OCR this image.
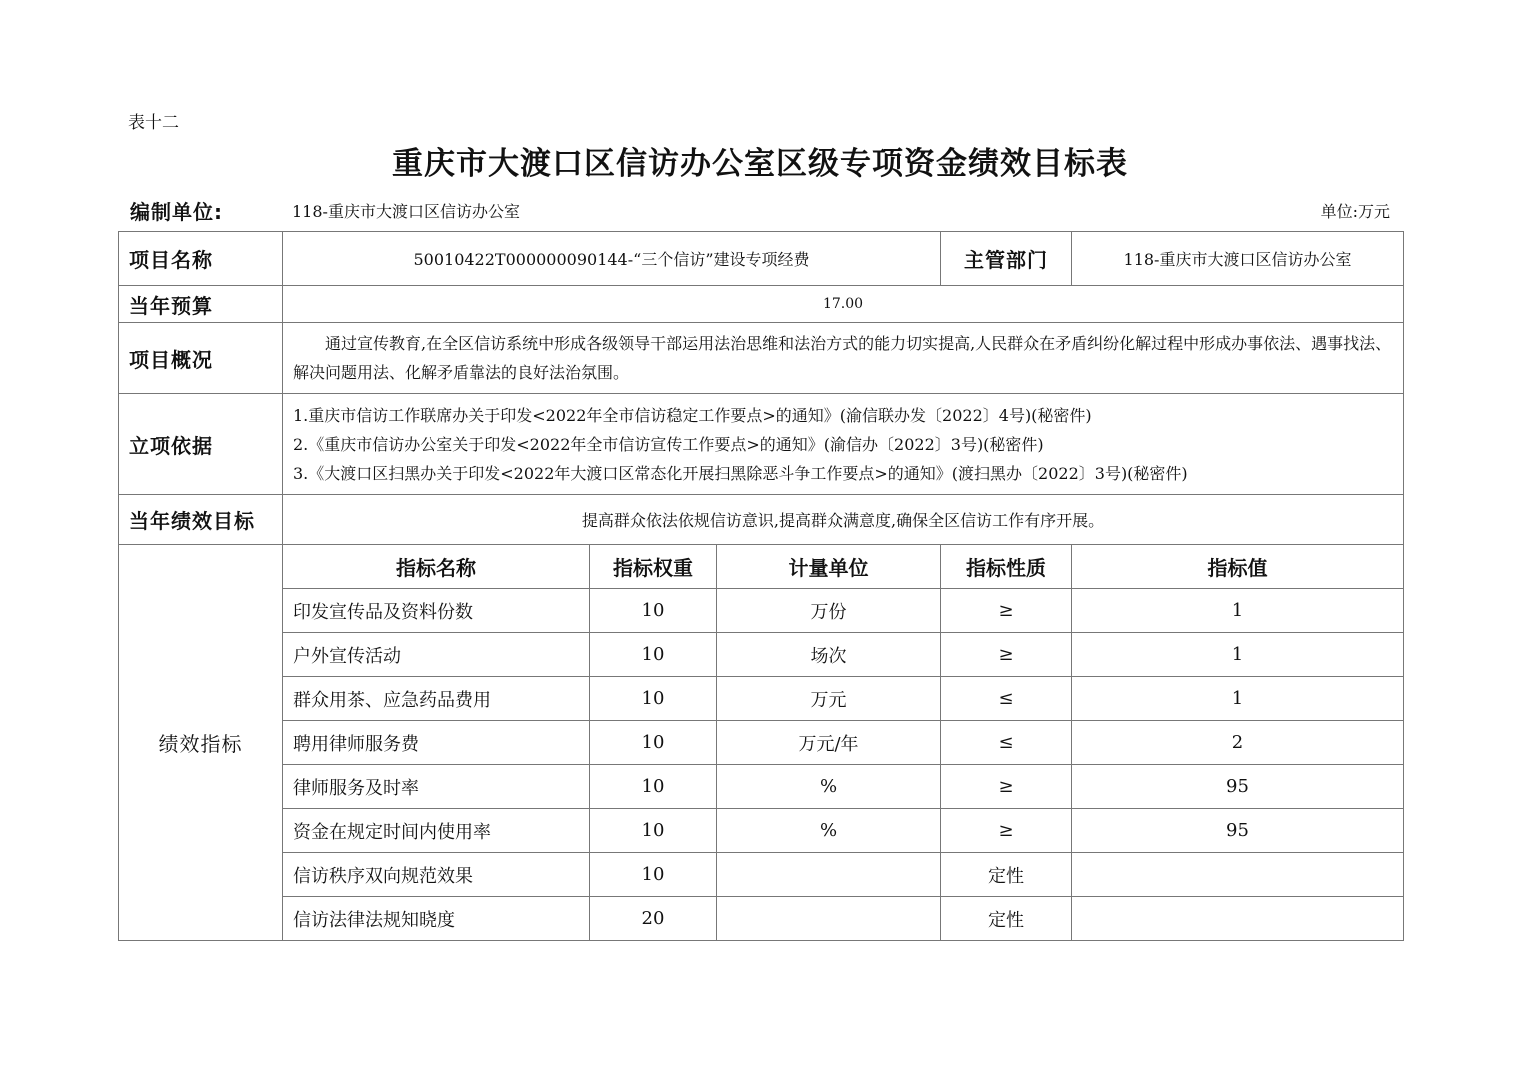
表十二
重庆市大渡口区信访办公室区级专项资金绩效目标表
编制单位:	118-重庆市大渡口区信访办公室	单位:万元
项目名称	50010422T000000090144-“三个信访”建设专项经费			主管部门	118-重庆市大渡口区信访办公室
当年预算	17.00				
项目概况	通过宣传教育,在全区信访系统中形成各级领导干部运用法治思维和法治方式的能力切实提高,人民群众在矛盾纠纷化解过程中形成办事依法、遇事找法、解决问题用法、化解矛盾靠法的良好法治氛围。				
立项依据	1.重庆市信访工作联席办关于印发<2022年全市信访稳定工作要点>的通知》(渝信联办发〔2022〕4号)(秘密件)
2.《重庆市信访办公室关于印发<2022年全市信访宣传工作要点>的通知》(渝信办〔2022〕3号)(秘密件)
3.《大渡口区扫黑办关于印发<2022年大渡口区常态化开展扫黑除恶斗争工作要点>的通知》(渡扫黑办〔2022〕3号)(秘密件)				

当年绩效目标	提高群众依法依规信访意识,提高群众满意度,确保全区信访工作有序开展。				
绩效指标	指标名称	指标权重	计量单位	指标性质	指标值
	印发宣传品及资料份数	10	万份	≥	1
	户外宣传活动	10	场次	≥	1
	群众用茶、应急药品费用	10	万元	≤	1
	聘用律师服务费	10	万元/年	≤	2
	律师服务及时率	10	%	≥	95
	资金在规定时间内使用率	10	%	≥	95
	信访秩序双向规范效果	10		定性	
	信访法律法规知晓度	20		定性	
